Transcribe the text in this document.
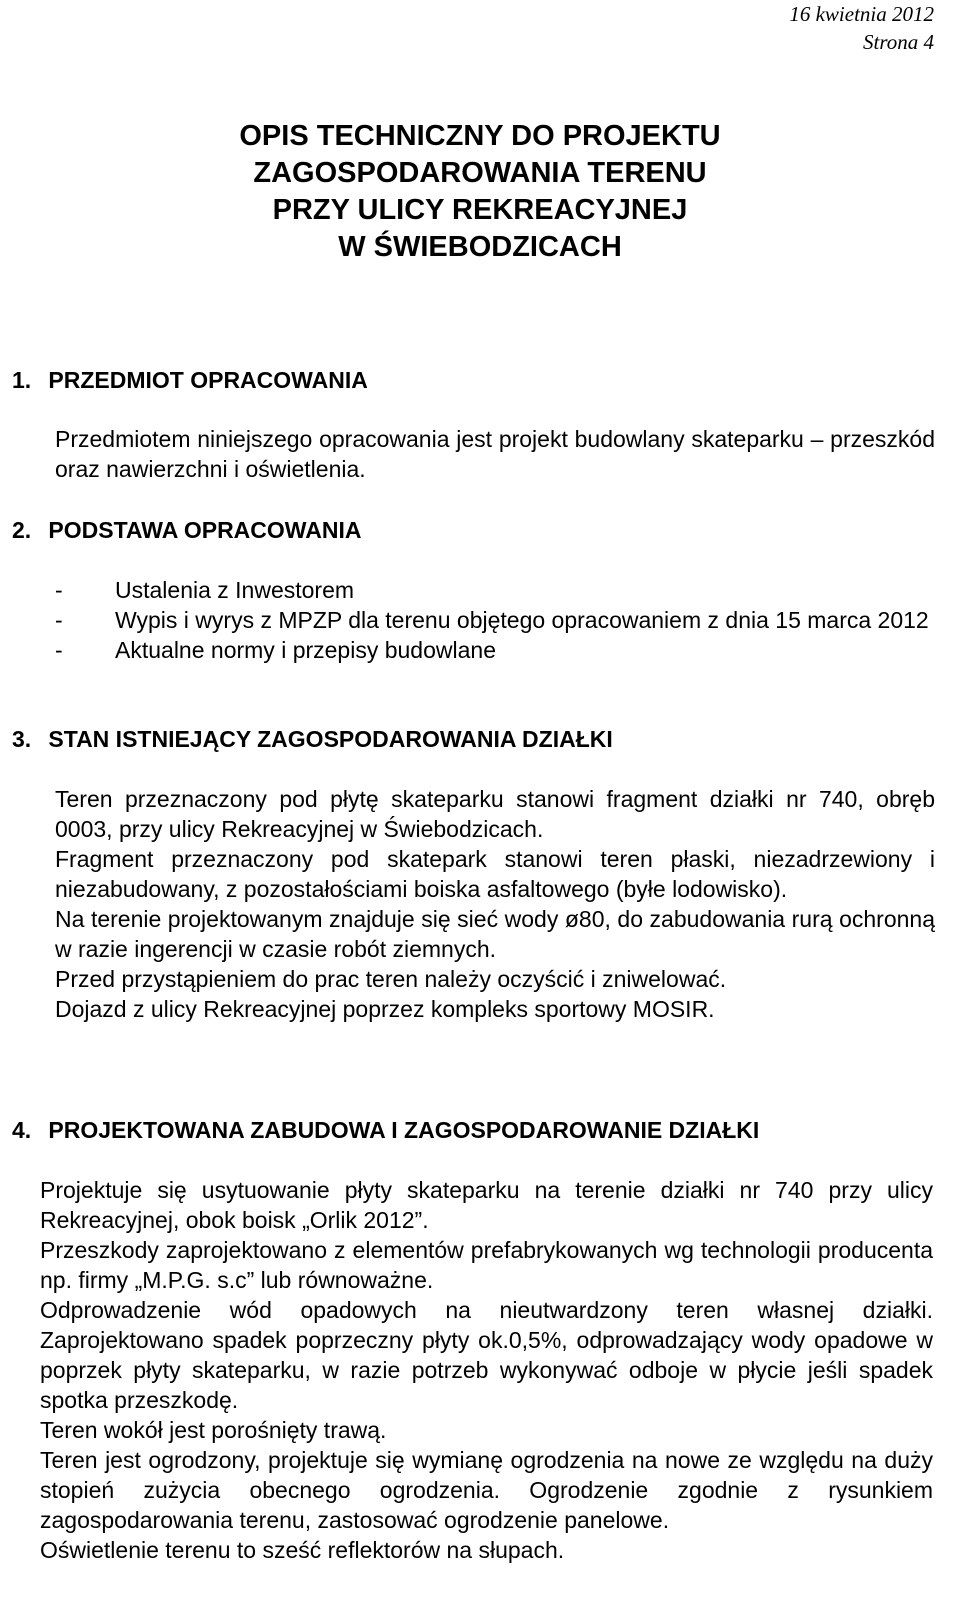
16 kwietnia 2012
Strona 4
OPIS TECHNICZNY DO PROJEKTU
ZAGOSPODAROWANIA TERENU
PRZY ULICY REKREACYJNEJ
W ŚWIEBODZICACH
1. PRZEDMIOT OPRACOWANIA

Przedmiotem niniejszego opracowania jest projekt budowlany skateparku – przeszkód oraz nawierzchni i oświetlenia.

2. PODSTAWA OPRACOWANIA

- Ustalenia z Inwestorem

- Wypis i wyrys z MPZP dla terenu objętego opracowaniem z dnia 15 marca 2012

- Aktualne normy i przepisy budowlane

3. STAN ISTNIEJĄCY ZAGOSPODAROWANIA DZIAŁKI

Teren przeznaczony pod płytę skateparku stanowi fragment działki nr 740, obręb 0003, przy ulicy Rekreacyjnej w Świebodzicach.

Fragment przeznaczony pod skatepark stanowi teren płaski, niezadrzewiony i niezabudowany, z pozostałościami boiska asfaltowego (byłe lodowisko).

Na terenie projektowanym znajduje się sieć wody ø80, do zabudowania rurą ochronną w razie ingerencji w czasie robót ziemnych.

Przed przystąpieniem do prac teren należy oczyścić i zniwelować.

Dojazd z ulicy Rekreacyjnej poprzez kompleks sportowy MOSIR.

4. PROJEKTOWANA ZABUDOWA I ZAGOSPODAROWANIE DZIAŁKI

Projektuje się usytuowanie płyty skateparku na terenie działki nr 740 przy ulicy Rekreacyjnej, obok boisk „Orlik 2012”.

Przeszkody zaprojektowano z elementów prefabrykowanych wg technologii producenta np. firmy „M.P.G. s.c” lub równoważne.

Odprowadzenie wód opadowych na nieutwardzony teren własnej działki. Zaprojektowano spadek poprzeczny płyty ok.0,5%, odprowadzający wody opadowe w poprzek płyty skateparku, w razie potrzeb wykonywać odboje w płycie jeśli spadek spotka przeszkodę.

Teren wokół jest porośnięty trawą.

Teren jest ogrodzony, projektuje się wymianę ogrodzenia na nowe ze względu na duży stopień zużycia obecnego ogrodzenia. Ogrodzenie zgodnie z rysunkiem zagospodarowania terenu, zastosować ogrodzenie panelowe.

Oświetlenie terenu to sześć reflektorów na słupach.
